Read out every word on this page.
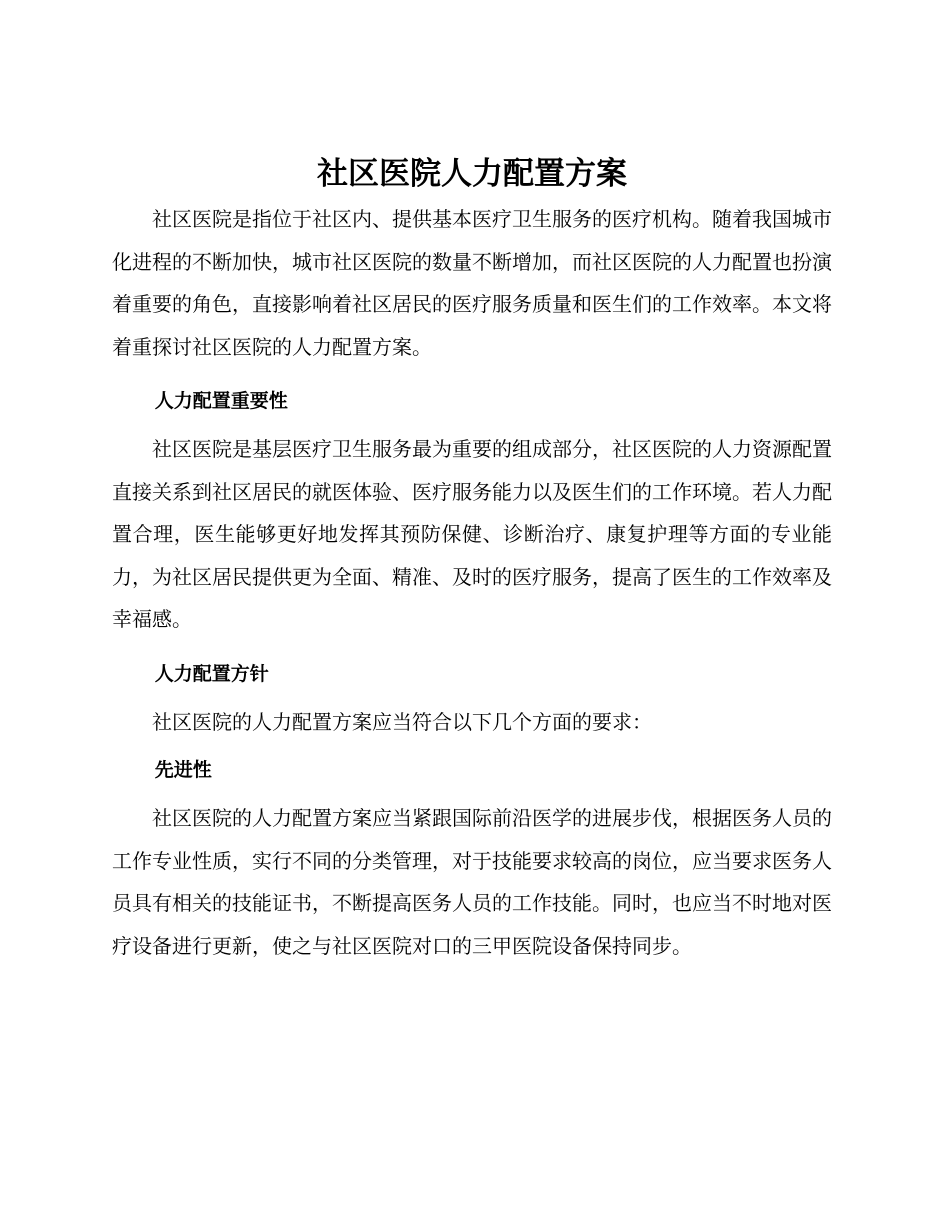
社区医院人力配置方案

社区医院是指位于社区内、提供基本医疗卫生服务的医疗机构。随着我国城市化进程的不断加快，城市社区医院的数量不断增加，而社区医院的人力配置也扮演着重要的角色，直接影响着社区居民的医疗服务质量和医生们的工作效率。本文将着重探讨社区医院的人力配置方案。

人力配置重要性

社区医院是基层医疗卫生服务最为重要的组成部分，社区医院的人力资源配置直接关系到社区居民的就医体验、医疗服务能力以及医生们的工作环境。若人力配置合理，医生能够更好地发挥其预防保健、诊断治疗、康复护理等方面的专业能力，为社区居民提供更为全面、精准、及时的医疗服务，提高了医生的工作效率及幸福感。

人力配置方针

社区医院的人力配置方案应当符合以下几个方面的要求：

先进性

社区医院的人力配置方案应当紧跟国际前沿医学的进展步伐，根据医务人员的工作专业性质，实行不同的分类管理，对于技能要求较高的岗位，应当要求医务人员具有相关的技能证书，不断提高医务人员的工作技能。同时，也应当不时地对医疗设备进行更新，使之与社区医院对口的三甲医院设备保持同步。
